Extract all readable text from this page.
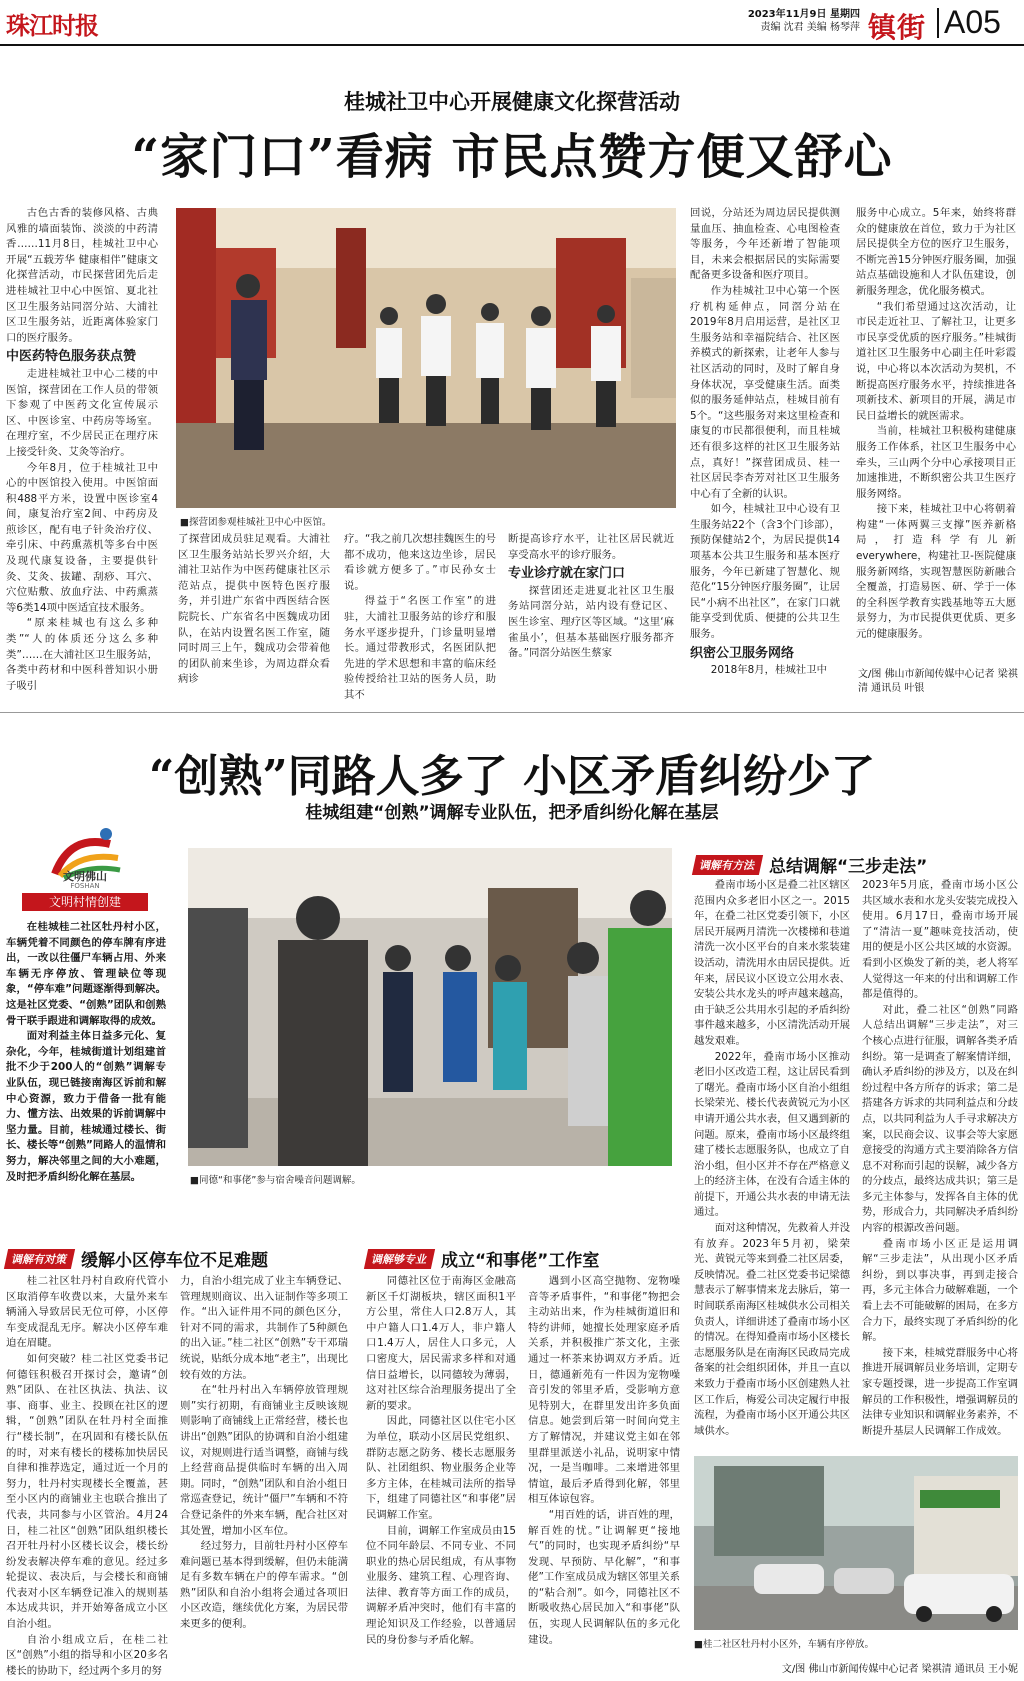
珠江时报	2023年11月9日 星期四
责编 沈君 美编 杨琴萍 镇街 A05
桂城社卫中心开展健康文化探营活动
“家门口”看病 市民点赞方便又舒心

古色古香的装修风格、古典风雅的墙面装饰、淡淡的中药清香……11月8日，桂城社卫中心开展“五载芳华 健康相伴”健康文化探营活动，市民探营团先后走进桂城社卫中心中医馆、夏北社区卫生服务站同滘分站、大浦社区卫生服务站，近距离体验家门口的医疗服务。

中医药特色服务获点赞

走进桂城社卫中心二楼的中医馆，探营团在工作人员的带领下参观了中医药文化宣传展示区、中医诊室、中药房等场室。在理疗室，不少居民正在理疗床上接受针灸、艾灸等治疗。

今年8月，位于桂城社卫中心的中医馆投入使用。中医馆面积488平方米，设置中医诊室4间，康复治疗室2间、中药房及煎诊区，配有电子针灸治疗仪、牵引床、中药熏蒸机等多台中医及现代康复设备，主要提供针灸、艾灸、拔罐、刮痧、耳穴、穴位贴敷、放血疗法、中药熏蒸等6类14项中医适宜技术服务。

“原来桂城也有这么多种类”“人的体质还分这么多种类”……在大浦社区卫生服务站，各类中药材和中医科普知识小册子吸引

■探营团参观桂城社卫中心中医馆。

了探营团成员驻足观看。大浦社区卫生服务站站长罗兴介绍，大浦社卫站作为中医药健康社区示范站点，提供中医特色医疗服务，并引进广东省中西医结合医院院长、广东省名中医魏成功团队，在站内设置名医工作室，随同时周三上午，魏成功会带着他的团队前来坐诊，为周边群众看病诊

疗。“我之前几次想挂魏医生的号都不成功，他来这边坐诊，居民看诊就方便多了。”市民孙女士说。

得益于“名医工作室”的进驻，大浦社卫服务站的诊疗和服务水平逐步提升，门诊量明显增长。通过带教形式，名医团队把先进的学术思想和丰富的临床经验传授给社卫站的医务人员，助其不

断提高诊疗水平，让社区居民就近享受高水平的诊疗服务。

专业诊疗就在家门口

探营团还走进夏北社区卫生服务站同滘分站，站内设有登记区、医生诊室、理疗区等区域。“这里‘麻雀虽小’，但基本基础医疗服务都齐备。”同滘分站医生蔡家

回说，分站还为周边居民提供测量血压、抽血检查、心电图检查等服务，今年还新增了智能项目，未来会根据居民的实际需要配备更多设备和医疗项目。

作为桂城社卫中心第一个医疗机构延伸点，同滘分站在2019年8月启用运营，是社区卫生服务站和幸福院结合、社区医养模式的新探索，让老年人参与社区活动的同时，及时了解自身身体状况，享受健康生活。面类似的服务延伸站点，桂城目前有5个。“这些服务对来这里检查和康复的市民都很便利，而且桂城还有很多这样的社区卫生服务站点，真好！”探营团成员、桂一社区居民李杏芳对社区卫生服务中心有了全新的认识。

如今，桂城社卫中心设有卫生服务站22个（含3个门诊部），预防保健站2个，为居民提供14项基本公共卫生服务和基本医疗服务，今年已新建了智慧化、规范化“15分钟医疗服务圈”，让居民“小病不出社区”，在家门口就能享受到优质、便捷的公共卫生服务。

织密公卫服务网络

2018年8月，桂城社卫中

服务中心成立。5年来，始终将群众的健康放在首位，致力于为社区居民提供全方位的医疗卫生服务，不断完善15分钟医疗服务圈，加强站点基础设施和人才队伍建设，创新服务理念，优化服务模式。

“我们希望通过这次活动，让市民走近社卫、了解社卫，让更多市民享受优质的医疗服务。”桂城街道社区卫生服务中心副主任叶彩霞说，中心将以本次活动为契机，不断提高医疗服务水平，持续推进各项新技术、新项目的开展，满足市民日益增长的就医需求。

当前，桂城社卫积极构建健康服务工作体系，社区卫生服务中心牵头，三山两个分中心承接项目正加速推进，不断织密公共卫生医疗服务网络。

接下来，桂城社卫中心将朝着构建“一体两翼三支撑”医养新格局，打造科学有儿新everywhere，构建社卫-医院健康服务新网络，实现智慧医防新融合全覆盖，打造易医、研、学于一体的全科医学教育实践基地等五大愿景努力，为市民提供更优质、更多元的健康服务。

文/图 佛山市新闻传媒中心记者 梁祺清 通讯员 叶银
“创熟”同路人多了 小区矛盾纠纷少了
桂城组建“创熟”调解专业队伍，把矛盾纠纷化解在基层
文明佛山
FOSHAN
文明村情创建

在桂城桂二社区牡丹村小区，车辆凭着不同颜色的停车牌有序进出，一改以往僵尸车辆占用、外来车辆无序停放、管理缺位等现象，“停车难”问题逐渐得到解决。这是社区党委、“创熟”团队和创熟骨干联手跟进和调解取得的成效。

面对利益主体日益多元化、复杂化，今年，桂城街道计划组建首批不少于200人的“创熟”调解专业队伍，现已链接南海区诉前和解中心资源，致力于借备一批有能力、懂方法、出效果的诉前调解中坚力量。目前，桂城通过楼长、街长、楼长等“创熟”同路人的温情和努力，解决邻里之间的大小难题，及时把矛盾纠纷化解在基层。	■同德“和事佬”参与宿舍噪音问题调解。
调解有方法 总结调解“三步走法”

叠南市场小区是叠二社区辖区范围内众多老旧小区之一。2015年，在叠二社区党委引领下，小区居民开展两月清洗一次楼梯和巷道清洗一次小区平台的自来水浆装建设活动，清洗用水由居民提供。近年来，居民议小区设立公用水表、安装公共水龙头的呼声越来越高，由于缺乏公共用水引起的矛盾纠纷事件越来越多，小区清洗活动开展越发艰难。

2022年，叠南市场小区推动老旧小区改造工程，这让居民看到了曙光。叠南市场小区自治小组组长梁荣光、楼长代表黄锐元为小区申请开通公共水表，但又遇到新的问题。原来，叠南市场小区最终组建了楼长志愿服务队，也成立了自治小组，但小区并不存在严格意义上的经济主体，在没有合适主体的前提下，开通公共水表的申请无法通过。

面对这种情况，先救着人并没有放弃。2023年5月初，梁荣光、黄锐元等来到叠二社区居委，反映情况。叠二社区党委书记梁德慧表示了解事情来龙去脉后，第一时间联系南海区桂城供水公司相关负责人，详细讲述了叠南市场小区的情况。在得知叠南市场小区楼长志愿服务队是在南海区民政局完成备案的社会组织团体，并且一直以来致力于叠南市场小区创建熟人社区工作后，梅爱公司决定履行申报流程，为叠南市场小区开通公共区域供水。

2023年5月底，叠南市场小区公共区域水表和水龙头安装完成投入使用。6月17日，叠南市场开展了“清洁一夏”趣味竞技活动，使用的便是小区公共区域的水资源。看到小区焕发了新的美，老人将军人觉得这一年来的付出和调解工作都是值得的。

对此，叠二社区“创熟”同路人总结出调解“三步走法”，对三个核心点进行征服，调解各类矛盾纠纷。第一是调查了解案情详细，确认矛盾纠纷的涉及方，以及在纠纷过程中各方所存的诉求；第二是搭建各方诉求的共同利益点和分歧点，以共同利益为人手寻求解决方案，以民商会议、议事会等大家愿意接受的沟通方式主要消除各方信息不对称而引起的误解，减少各方的分歧点，最终达成共识；第三是多元主体参与，发挥各自主体的优势，形成合力，共同解决矛盾纠纷内容的根源改善问题。

叠南市场小区正是运用调解“三步走法”，从出现小区矛盾纠纷，到以事决事，再到走接合再，多元主体合力破解难题，一个看上去不可能破解的困局，在多方合力下，最终实现了矛盾纠纷的化解。

接下来，桂城党群服务中心将推进开展调解员业务培训，定期专家专题授课，进一步提高工作室调解员的工作积极性，增强调解员的法律专业知识和调解业务素养，不断提升基层人民调解工作成效。

调解有对策 缓解小区停车位不足难题

桂二社区牡丹村自政府代管小区取消停车收费以来，大量外来车辆涌入导致居民无位可停，小区停车变成混乱无序。解决小区停车难迫在眉睫。

如何突破？桂二社区党委书记何德钰积极召开探讨会，邀请“创熟”团队、在社区执法、执法、议事、商事、业主、投顾在社区的逻辑，“创熟”团队在牡丹村全面推行“楼长制”，在巩固和有楼长队伍的时，对来有楼长的楼栋加快居民自律和推荐选定，通过近一个月的努力，牡丹村实现楼长全覆盖，甚至小区内的商铺业主也联合推出了代表，共同参与小区管治。4月24日，桂二社区“创熟”团队组织楼长召开牡丹村小区楼长议会，楼长纷纷发表解决停车难的意见。经过多轮提议、表决后，与会楼长和商铺代表对小区车辆登记准入的规则基本达成共识，并开始筹备成立小区自治小组。

自治小组成立后，在桂二社区“创熟”小组的指导和小区20多名楼长的协助下，经过两个多月的努

力，自治小组完成了业主车辆登记、管理规则商议、出入证制作等多项工作。“出入证件用不同的颜色区分，针对不同的需求，共制作了5种颜色的出入证。”桂二社区“创熟”专干邓瑞统说，贴纸分成本地“老主”，出现比较有效的方法。

在“牡丹村出入车辆停放管理规则”实行初期，有商铺业主反映该规则影响了商铺线上正常经营，楼长也讲出“创熟”团队的协调和自治小组建议，对规则进行适当调整，商铺与线上经营商品提供临时车辆的出入周期。同时，“创熟”团队和自治小组日常巡查登记，统计“僵尸”车辆和不符合登记条件的外来车辆，配合社区对其处置，增加小区车位。

经过努力，目前牡丹村小区停车难问题已基本得到缓解，但仍未能满足有多数车辆在户的停车需求。“创熟”团队和自治小组将会通过各项旧小区改造，继续优化方案，为居民带来更多的便利。

调解够专业 成立“和事佬”工作室

同德社区位于南海区金融高新区千灯湖板块，辖区面积1平方公里，常住人口2.8万人，其中户籍人口1.4万人，非户籍人口1.4万人，居住人口多元，人口密度大，居民需求多样和对通信日益增长，以同德较为薄弱，这对社区综合治理服务提出了全新的要求。

因此，同德社区以住宅小区为单位，联动小区居民党组织、群防志愿之防务、楼长志愿服务队、社团组织、物业服务企业等多方主体，在桂城司法所的指导下，组建了同德社区“和事佬”居民调解工作室。

目前，调解工作室成员由15位不同年龄层、不同专业、不同职业的热心居民组成，有从事物业服务、建筑工程、心理咨询、法律、教育等方面工作的成员，调解矛盾冲突时，他们有丰富的理论知识及工作经验，以普通居民的身份参与矛盾化解。

遇到小区高空抛物、宠物噪音等矛盾事件，“和事佬”物把会主动站出来，作为桂城街道旧和特约讲师，她擅长处理家庭矛盾关系，并积极推广茶文化，主张通过一杯茶来协调双方矛盾。近日，德通新苑有一件因为宠物噪音引发的邻里矛盾，受影响方意见特别大，在群里发出许多负面信息。她尝到后第一时间向党主方了解情况，并建议党主如在邻里群里派送小礼品，说明家中情况，一是当咖啡。二来增进邻里情谊，最后矛盾得到化解，邻里相互体谅包容。

“用百姓的话，讲百姓的理，解百姓的忧。”让调解更“接地气”的同时，也实现矛盾纠纷“早发现、早预防、早化解”，“和事佬”工作室成员成为辖区邻里关系的“粘合剂”。如今，同德社区不断吸收热心居民加入“和事佬”队伍，实现人民调解队伍的多元化建设。	■桂二社区牡丹村小区外，车辆有序停放。
文/图 佛山市新闻传媒中心记者 梁祺清 通讯员 王小妮
